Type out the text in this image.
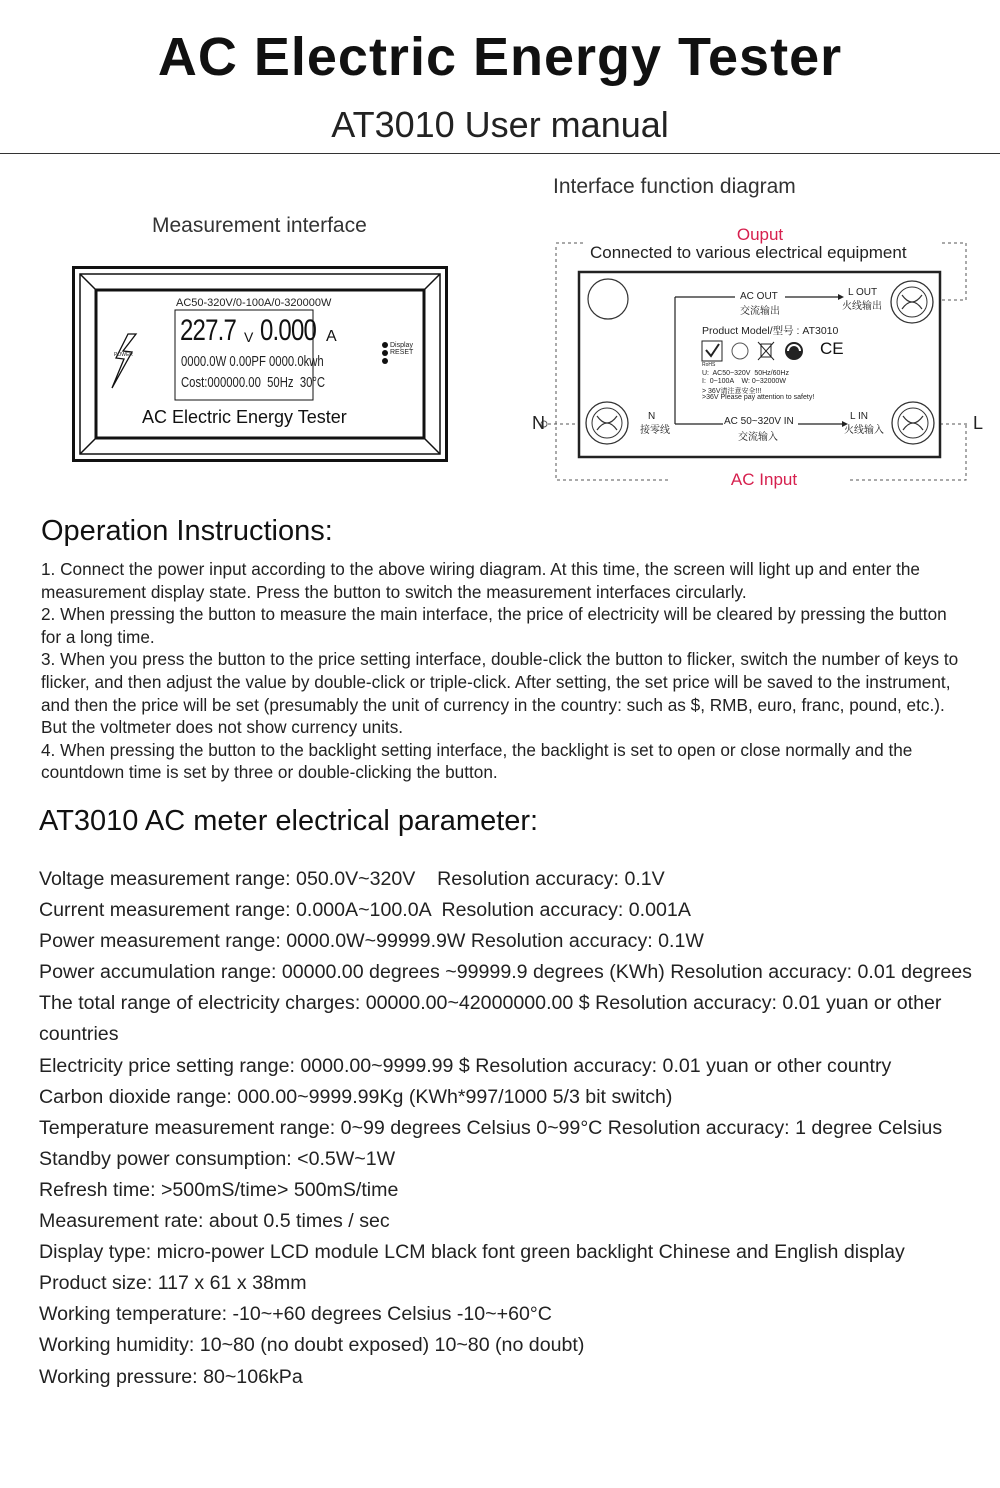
AC Electric Energy Tester
AT3010 User manual
Measurement interface
AC50-320V/0-100A/0-320000W
227.7 V 0.000 A
0000.0W 0.00PF 0000.0kwh
Cost:000000.00  50Hz  30°C
Display
RESET
POWER
AC Electric Energy Tester
Interface function diagram
Ouput
Connected to various electrical equipment
AC OUT
交流输出
L OUT
火线输出
Product Model/型号 : AT3010
CE
RoHS
U:  AC50~320V  50Hz/60Hz
I:  0~100A    W: 0~32000W
> 36V请注意安全!!!
>36V Please pay attention to safety!
N
接零线
AC 50~320V IN
交流输入
L IN
火线输入
N	L
AC Input
Operation Instructions:

1. Connect the power input according to the above wiring diagram. At this time, the screen will light up and enter the measurement display state. Press the button to switch the measurement interfaces circularly.

2. When pressing the button to measure the main interface, the price of electricity will be cleared by pressing the button for a long time.

3. When you press the button to the price setting interface, double-click the button to flicker, switch the number of keys to flicker, and then adjust the value by double-click or triple-click. After setting, the set price will be saved to the instrument, and then the price will be set (presumably the unit of currency in the country: such as $, RMB, euro, franc, pound, etc.). But the voltmeter does not show currency units.

4. When pressing the button to the backlight setting interface, the backlight is set to open or close normally and the countdown time is set by three or double-clicking the button.

AT3010 AC meter electrical parameter:

Voltage measurement range: 050.0V~320V    Resolution accuracy: 0.1V

Current measurement range: 0.000A~100.0A  Resolution accuracy: 0.001A

Power measurement range: 0000.0W~99999.9W Resolution accuracy: 0.1W

Power accumulation range: 00000.00 degrees ~99999.9 degrees (KWh) Resolution accuracy: 0.01 degrees

The total range of electricity charges: 00000.00~42000000.00 $ Resolution accuracy: 0.01 yuan or other countries

Electricity price setting range: 0000.00~9999.99 $ Resolution accuracy: 0.01 yuan or other country

Carbon dioxide range: 000.00~9999.99Kg (KWh*997/1000 5/3 bit switch)

Temperature measurement range: 0~99 degrees Celsius 0~99°C Resolution accuracy: 1 degree Celsius

Standby power consumption: <0.5W~1W

Refresh time: >500mS/time> 500mS/time

Measurement rate: about 0.5 times / sec

Display type: micro-power LCD module LCM black font green backlight Chinese and English display

Product size: 117 x 61 x 38mm

Working temperature: -10~+60 degrees Celsius -10~+60°C

Working humidity: 10~80 (no doubt exposed) 10~80 (no doubt)

Working pressure: 80~106kPa
